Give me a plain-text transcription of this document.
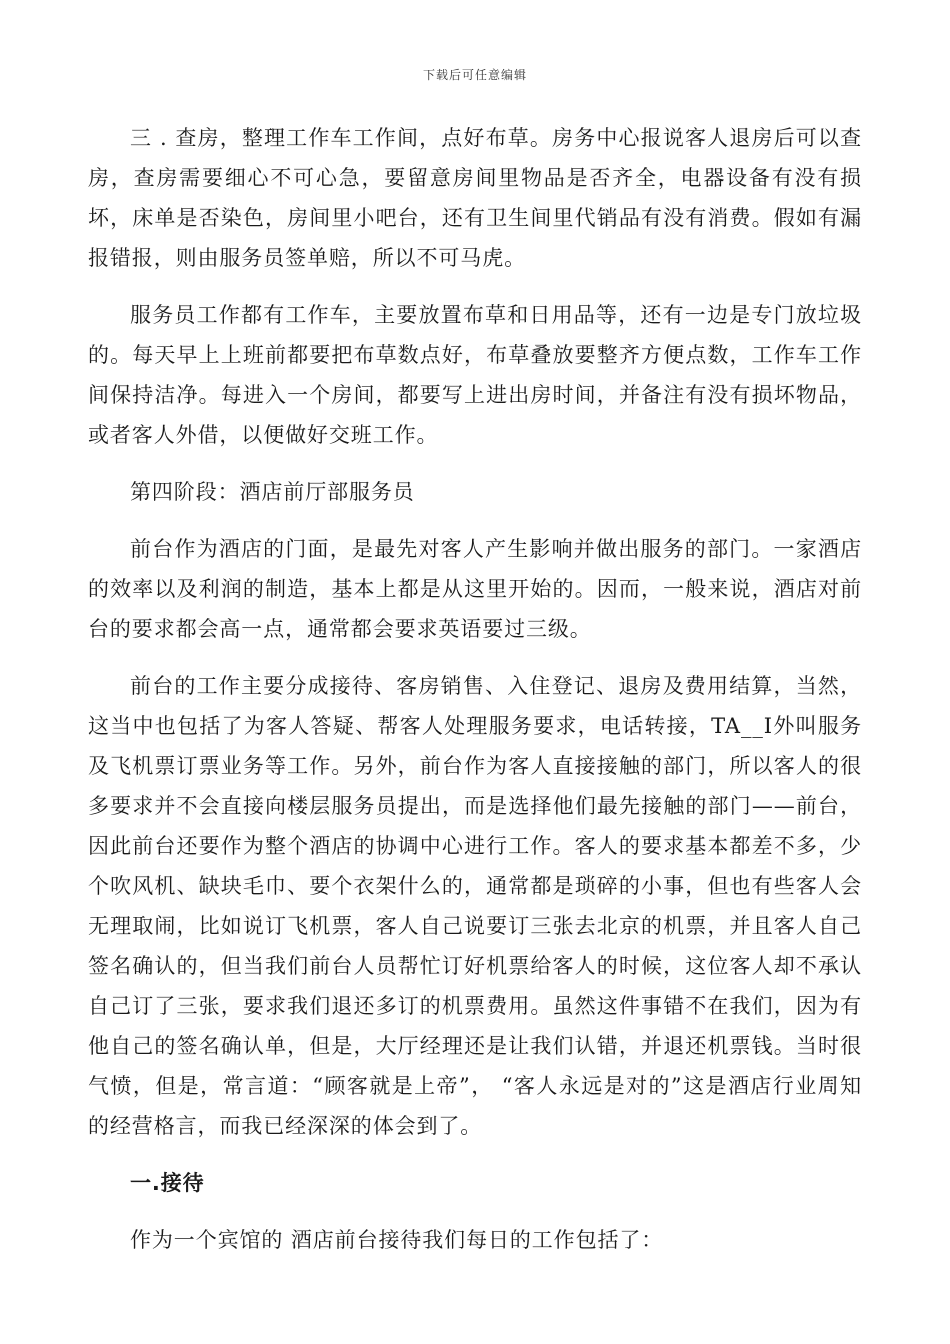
下载后可任意编辑

三 . 查房，整理工作车工作间，点好布草。房务中心报说客人退房后可以查房，查房需要细心不可心急，要留意房间里物品是否齐全，电器设备有没有损坏，床单是否染色，房间里小吧台，还有卫生间里代销品有没有消费。假如有漏报错报，则由服务员签单赔，所以不可马虎。

服务员工作都有工作车，主要放置布草和日用品等，还有一边是专门放垃圾的。每天早上上班前都要把布草数点好，布草叠放要整齐方便点数，工作车工作间保持洁净。每进入一个房间，都要写上进出房时间，并备注有没有损坏物品，或者客人外借，以便做好交班工作。

第四阶段：酒店前厅部服务员

前台作为酒店的门面，是最先对客人产生影响并做出服务的部门。一家酒店的效率以及利润的制造，基本上都是从这里开始的。因而，一般来说，酒店对前台的要求都会高一点，通常都会要求英语要过三级。

前台的工作主要分成接待、客房销售、入住登记、退房及费用结算，当然，这当中也包括了为客人答疑、帮客人处理服务要求，电话转接，TA__I外叫服务及飞机票订票业务等工作。另外，前台作为客人直接接触的部门，所以客人的很多要求并不会直接向楼层服务员提出，而是选择他们最先接触的部门——前台，因此前台还要作为整个酒店的协调中心进行工作。客人的要求基本都差不多，少个吹风机、缺块毛巾、要个衣架什么的，通常都是琐碎的小事，但也有些客人会无理取闹，比如说订飞机票，客人自己说要订三张去北京的机票，并且客人自己签名确认的，但当我们前台人员帮忙订好机票给客人的时候，这位客人却不承认自己订了三张，要求我们退还多订的机票费用。虽然这件事错不在我们，因为有他自己的签名确认单，但是，大厅经理还是让我们认错，并退还机票钱。当时很气愤，但是，常言道：“顾客就是上帝”， “客人永远是对的”这是酒店行业周知的经营格言，而我已经深深的体会到了。

一.接待

作为一个宾馆的 酒店前台接待我们每日的工作包括了：
